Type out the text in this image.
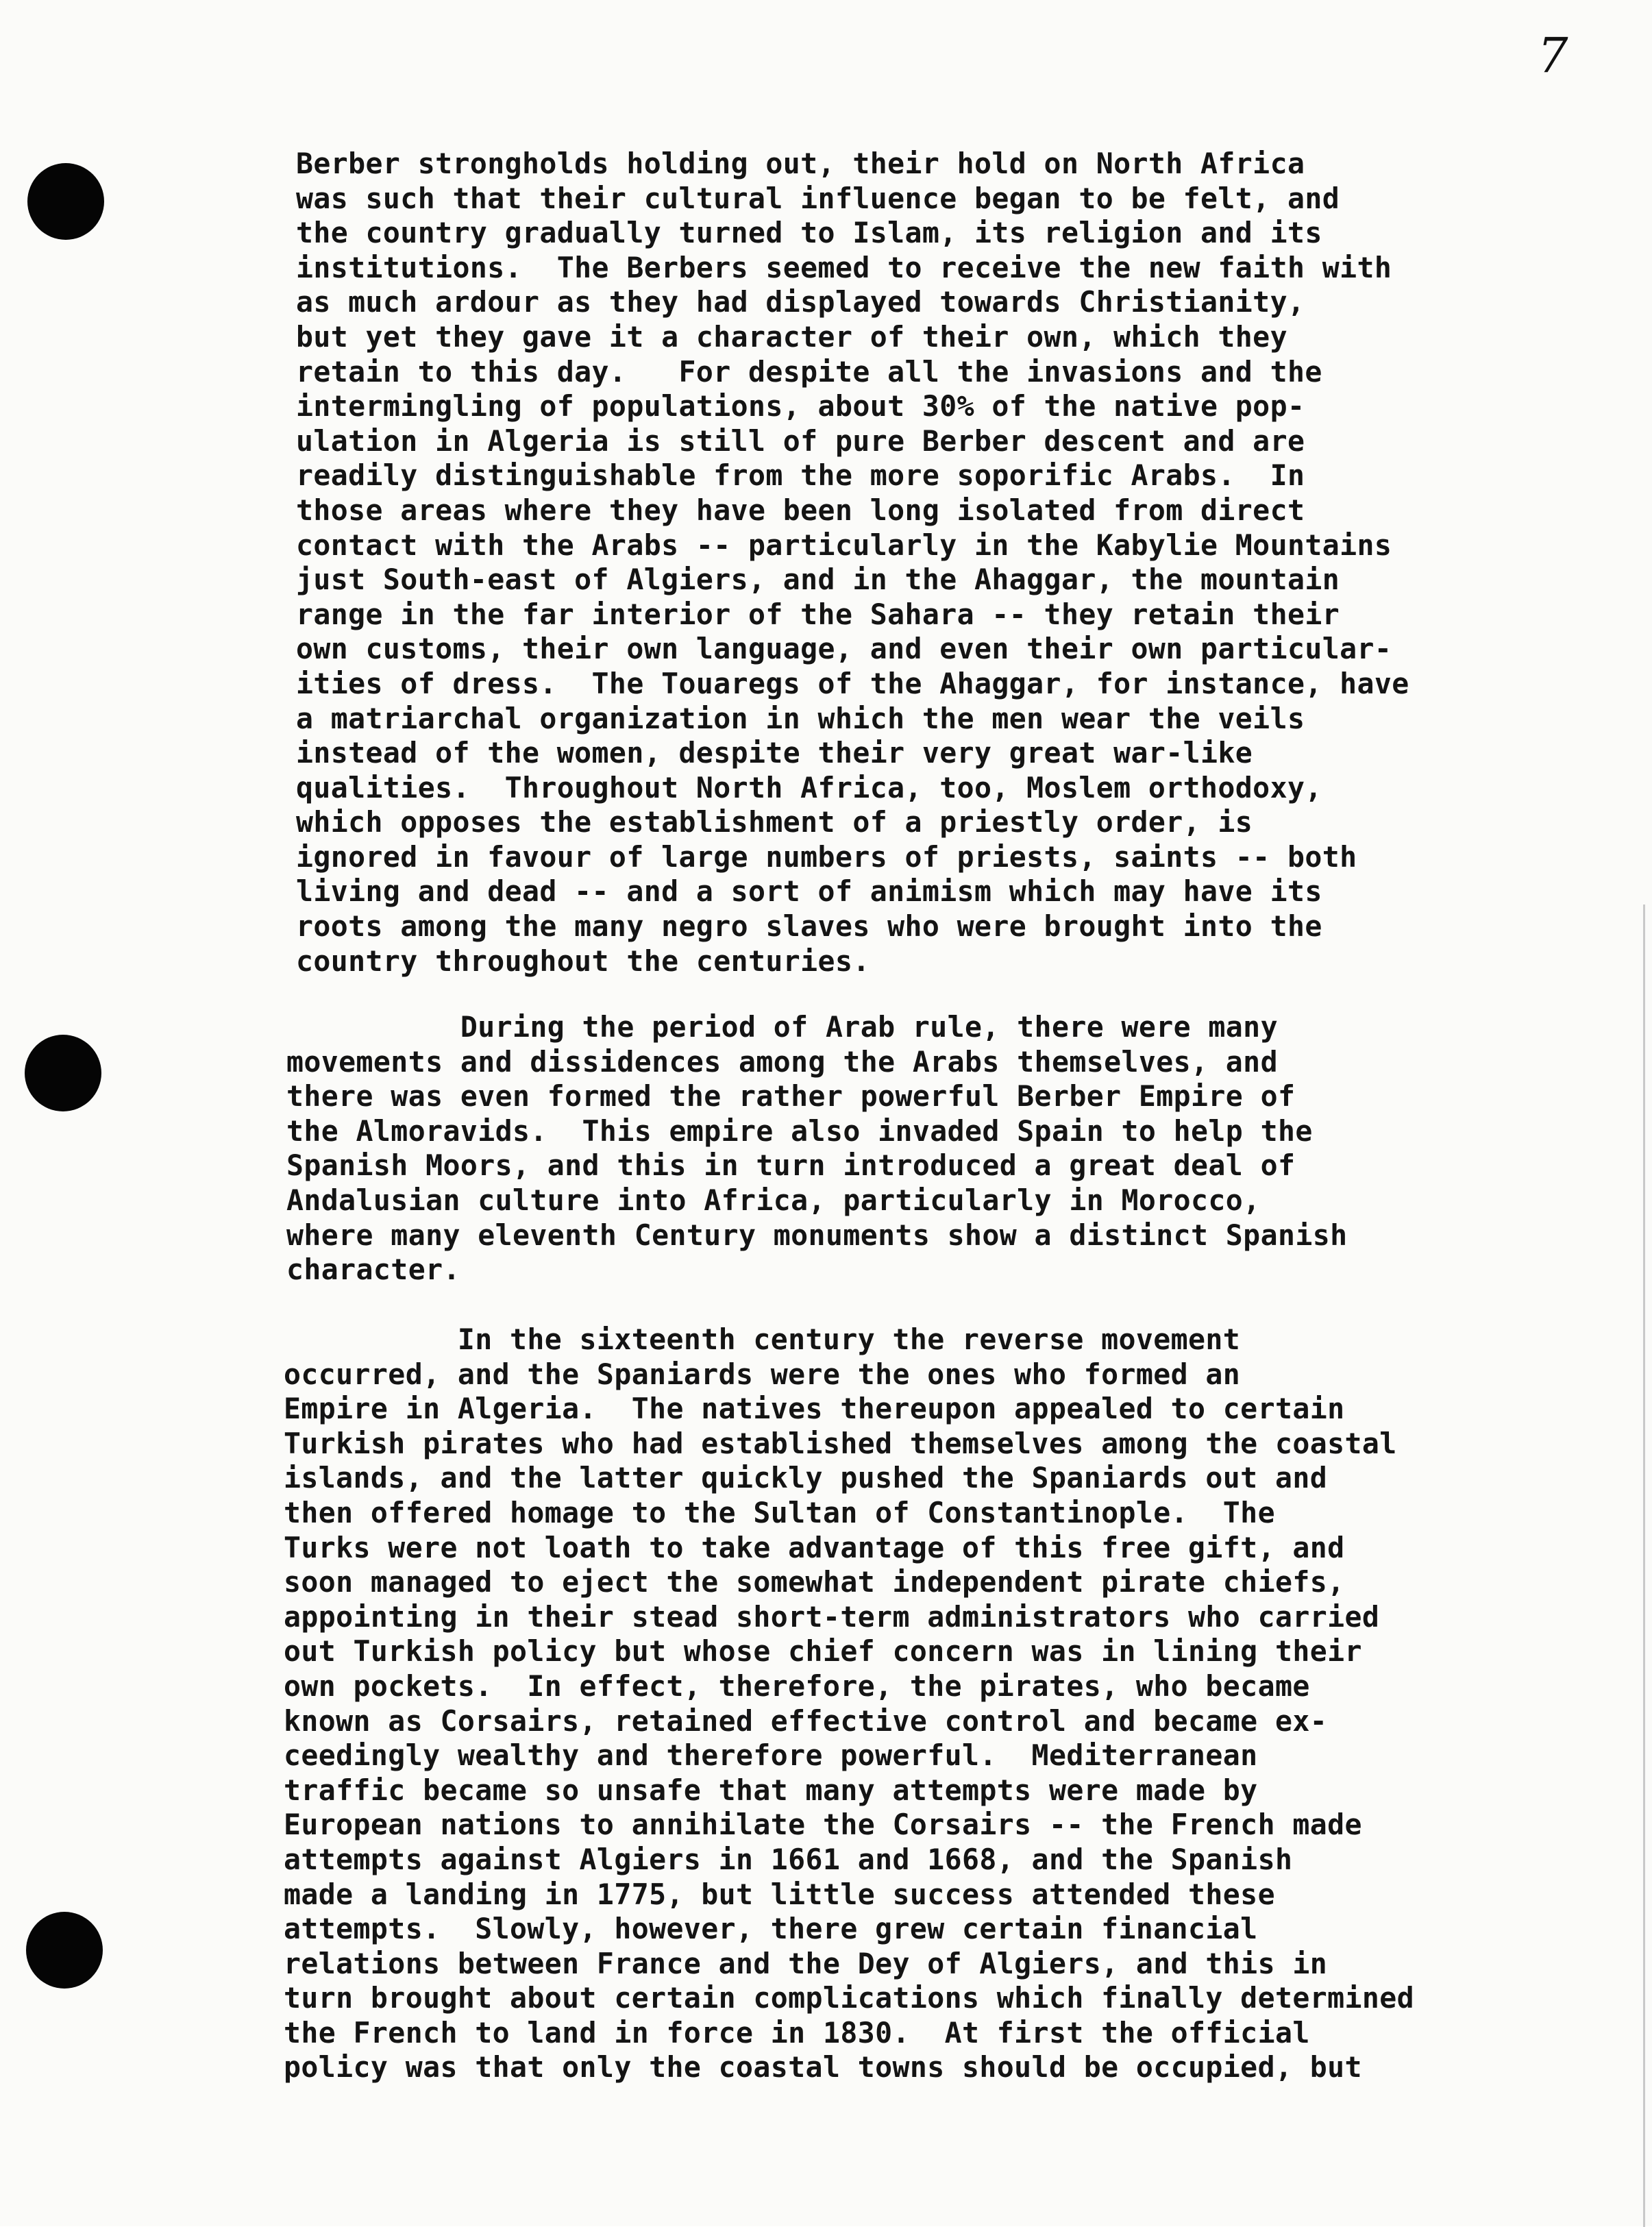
7
Berber strongholds holding out, their hold on North Africa
was such that their cultural influence began to be felt, and
the country gradually turned to Islam, its religion and its
institutions.  The Berbers seemed to receive the new faith with
as much ardour as they had displayed towards Christianity,
but yet they gave it a character of their own, which they
retain to this day.   For despite all the invasions and the
intermingling of populations, about 30% of the native pop-
ulation in Algeria is still of pure Berber descent and are
readily distinguishable from the more soporific Arabs.  In
those areas where they have been long isolated from direct
contact with the Arabs -- particularly in the Kabylie Mountains
just South-east of Algiers, and in the Ahaggar, the mountain
range in the far interior of the Sahara -- they retain their
own customs, their own language, and even their own particular-
ities of dress.  The Touaregs of the Ahaggar, for instance, have
a matriarchal organization in which the men wear the veils
instead of the women, despite their very great war-like
qualities.  Throughout North Africa, too, Moslem orthodoxy,
which opposes the establishment of a priestly order, is
ignored in favour of large numbers of priests, saints -- both
living and dead -- and a sort of animism which may have its
roots among the many negro slaves who were brought into the
country throughout the centuries.
During the period of Arab rule, there were many
movements and dissidences among the Arabs themselves, and
there was even formed the rather powerful Berber Empire of
the Almoravids.  This empire also invaded Spain to help the
Spanish Moors, and this in turn introduced a great deal of
Andalusian culture into Africa, particularly in Morocco,
where many eleventh Century monuments show a distinct Spanish
character.
In the sixteenth century the reverse movement
occurred, and the Spaniards were the ones who formed an
Empire in Algeria.  The natives thereupon appealed to certain
Turkish pirates who had established themselves among the coastal
islands, and the latter quickly pushed the Spaniards out and
then offered homage to the Sultan of Constantinople.  The
Turks were not loath to take advantage of this free gift, and
soon managed to eject the somewhat independent pirate chiefs,
appointing in their stead short-term administrators who carried
out Turkish policy but whose chief concern was in lining their
own pockets.  In effect, therefore, the pirates, who became
known as Corsairs, retained effective control and became ex-
ceedingly wealthy and therefore powerful.  Mediterranean
traffic became so unsafe that many attempts were made by
European nations to annihilate the Corsairs -- the French made
attempts against Algiers in 1661 and 1668, and the Spanish
made a landing in 1775, but little success attended these
attempts.  Slowly, however, there grew certain financial
relations between France and the Dey of Algiers, and this in
turn brought about certain complications which finally determined
the French to land in force in 1830.  At first the official
policy was that only the coastal towns should be occupied, but
